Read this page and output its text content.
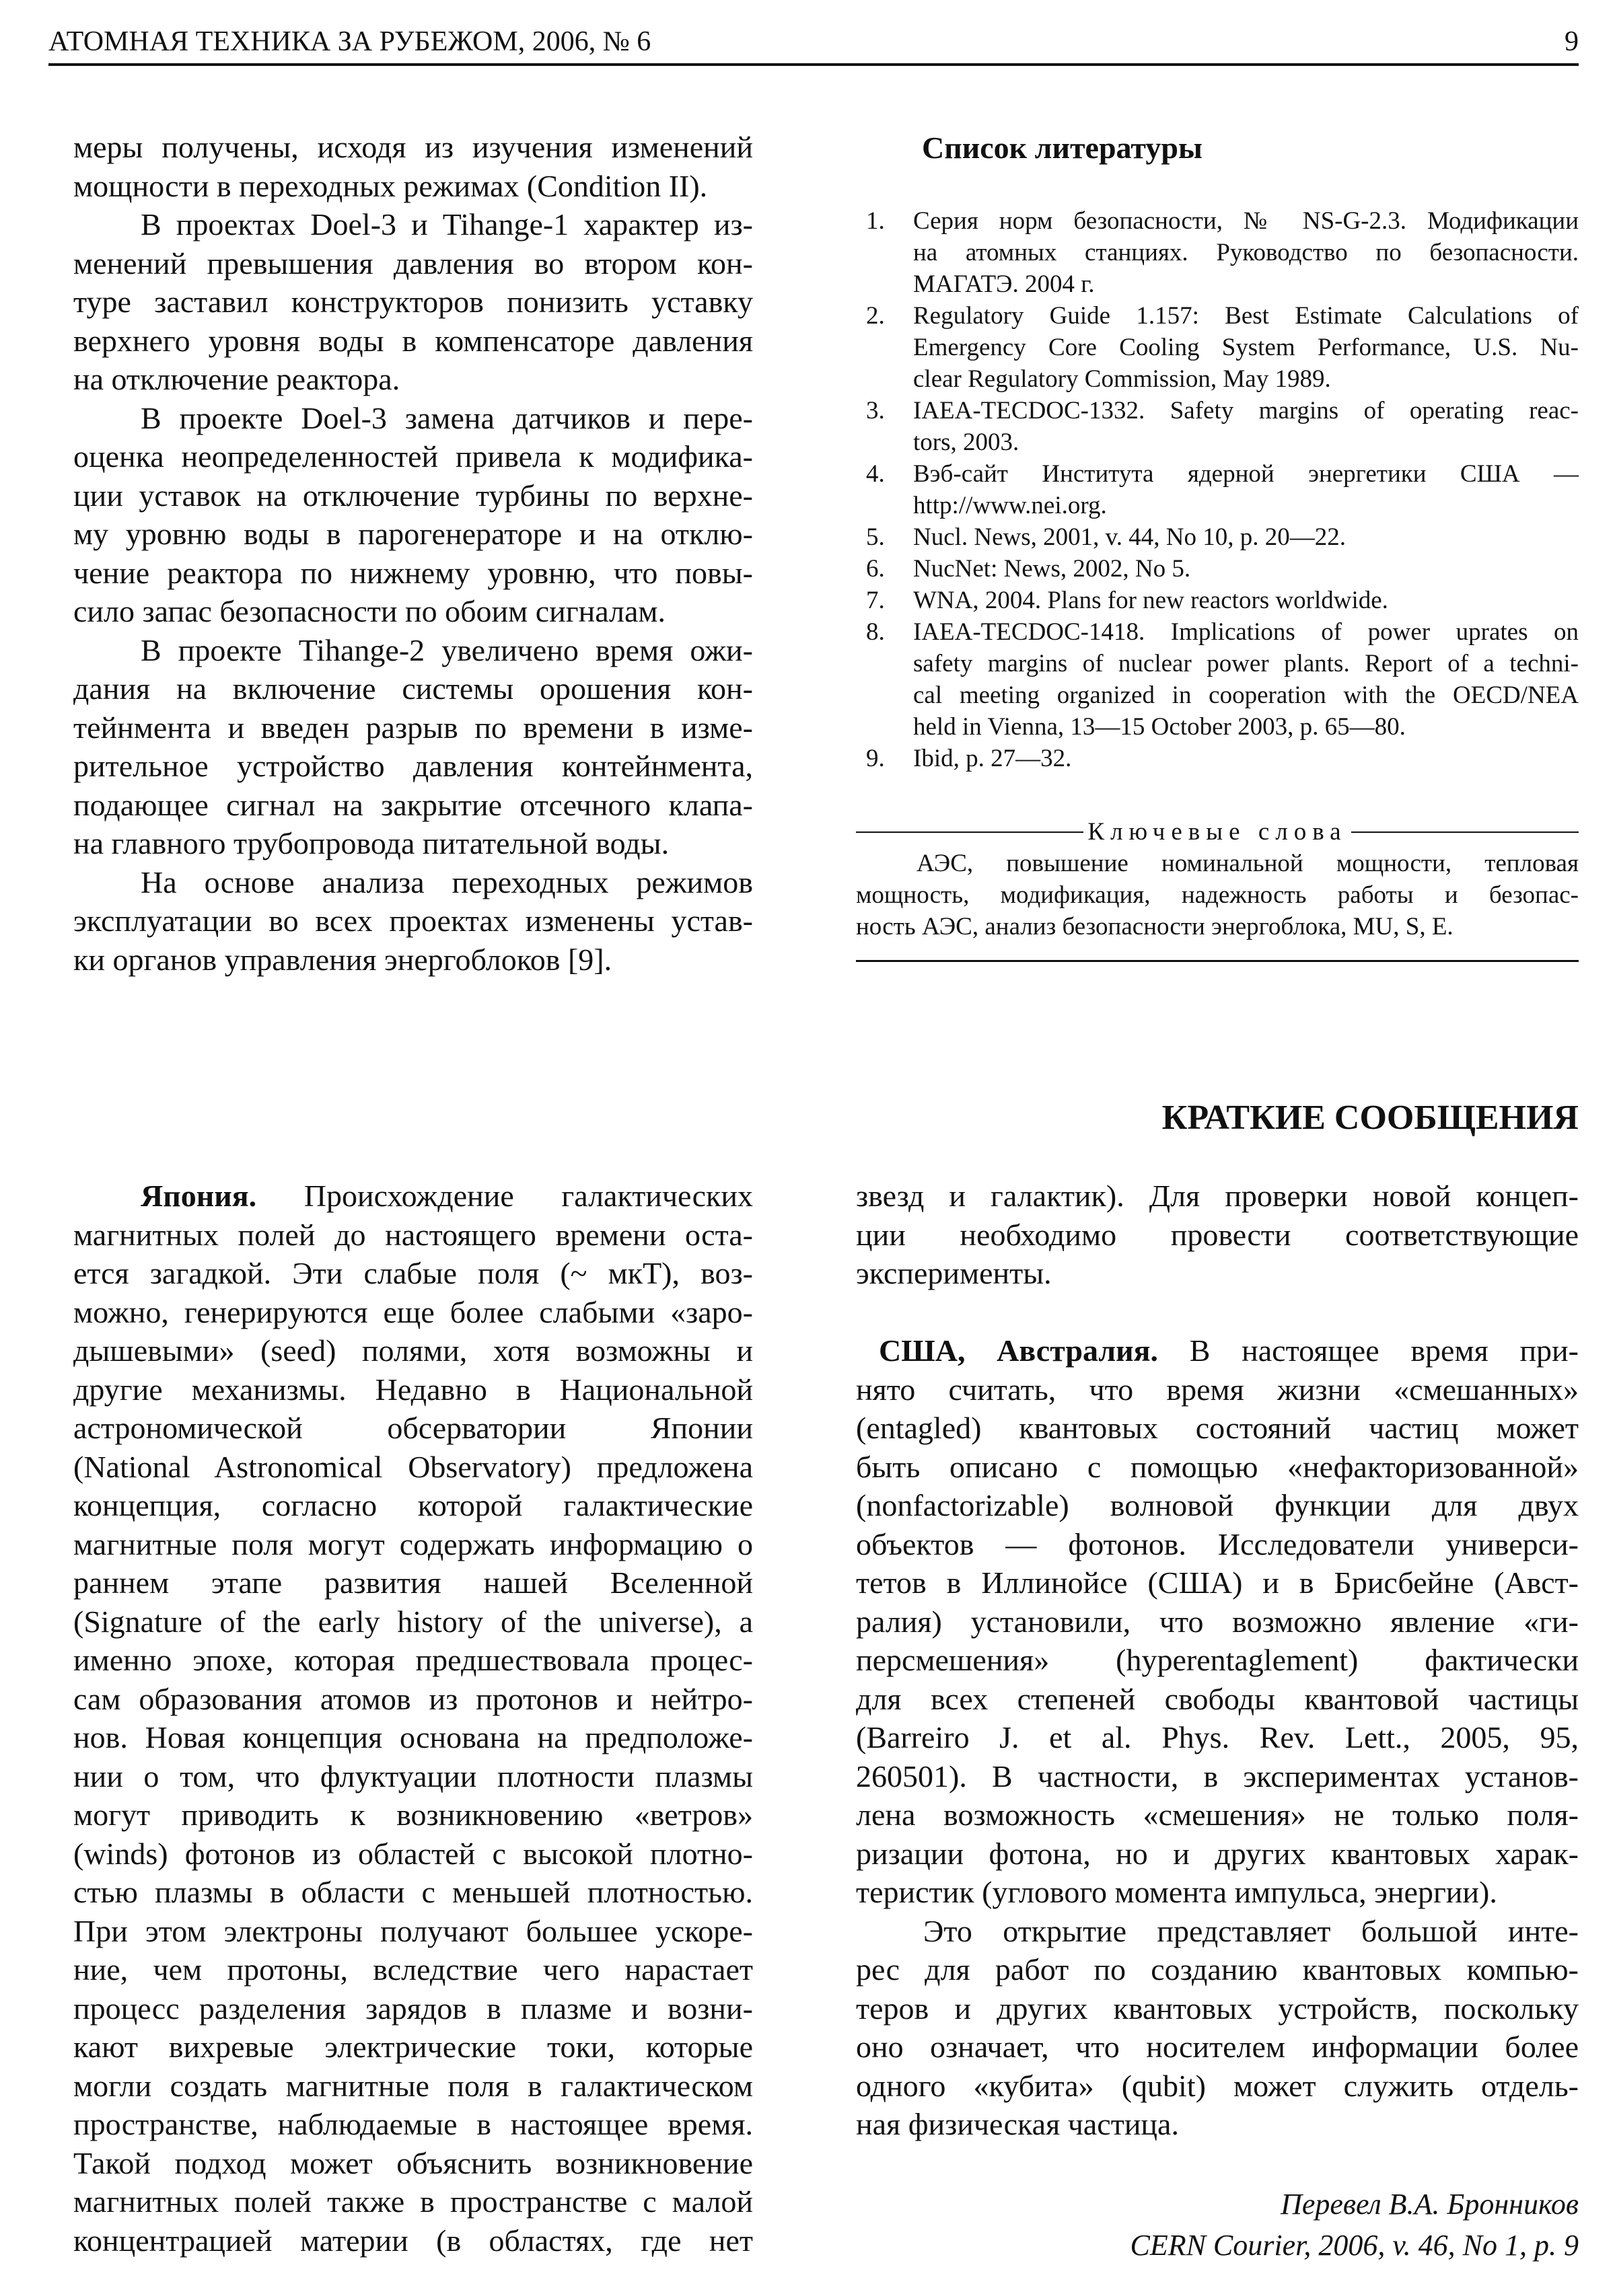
АТОМНАЯ ТЕХНИКА ЗА РУБЕЖОМ, 2006, № 6	9
меры получены, исходя из изучения изменений
мощности в переходных режимах (Condition II).
В проектах Doel-3 и Tihange-1 характер из-
менений превышения давления во втором кон-
туре заставил конструкторов понизить уставку
верхнего уровня воды в компенсаторе давления
на отключение реактора.
В проекте Doel-3 замена датчиков и пере-
оценка неопределенностей привела к модифика-
ции уставок на отключение турбины по верхне-
му уровню воды в парогенераторе и на отклю-
чение реактора по нижнему уровню, что повы-
сило запас безопасности по обоим сигналам.
В проекте Tihange-2 увеличено время ожи-
дания на включение системы орошения кон-
тейнмента и введен разрыв по времени в изме-
рительное устройство давления контейнмента,
подающее сигнал на закрытие отсечного клапа-
на главного трубопровода питательной воды.
На основе анализа переходных режимов
эксплуатации во всех проектах изменены устав-
ки органов управления энергоблоков [9].
Список литературы
1. Серия норм безопасности, № NS-G-2.3. Модификации
на атомных станциях. Руководство по безопасности.
МАГАТЭ. 2004 г.
2. Regulatory Guide 1.157: Best Estimate Calculations of
Emergency Core Cooling System Performance, U.S. Nu-
clear Regulatory Commission, May 1989.
3. IAEA-TECDOC-1332. Safety margins of operating reac-
tors, 2003.
4. Вэб-сайт Института ядерной энергетики США —
http://www.nei.org.
5. Nucl. News, 2001, v. 44, No 10, p. 20—22.
6. NucNet: News, 2002, No 5.
7. WNA, 2004. Plans for new reactors worldwide.
8. IAEA-TECDOC-1418. Implications of power uprates on
safety margins of nuclear power plants. Report of a techni-
cal meeting organized in cooperation with the OECD/NEA
held in Vienna, 13—15 October 2003, p. 65—80.
9. Ibid, p. 27—32.
Ключевые слова
АЭС, повышение номинальной мощности, тепловая
мощность, модификация, надежность работы и безопас-
ность АЭС, анализ безопасности энергоблока, MU, S, E.
КРАТКИЕ СООБЩЕНИЯ
Япония. Происхождение галактических
магнитных полей до настоящего времени оста-
ется загадкой. Эти слабые поля (~ мкТ), воз-
можно, генерируются еще более слабыми «заро-
дышевыми» (seed) полями, хотя возможны и
другие механизмы. Недавно в Национальной
астрономической обсерватории Японии
(National Astronomical Observatory) предложена
концепция, согласно которой галактические
магнитные поля могут содержать информацию о
раннем этапе развития нашей Вселенной
(Signature of the early history of the universe), а
именно эпохе, которая предшествовала процес-
сам образования атомов из протонов и нейтро-
нов. Новая концепция основана на предположе-
нии о том, что флуктуации плотности плазмы
могут приводить к возникновению «ветров»
(winds) фотонов из областей с высокой плотно-
стью плазмы в области с меньшей плотностью.
При этом электроны получают большее ускоре-
ние, чем протоны, вследствие чего нарастает
процесс разделения зарядов в плазме и возни-
кают вихревые электрические токи, которые
могли создать магнитные поля в галактическом
пространстве, наблюдаемые в настоящее время.
Такой подход может объяснить возникновение
магнитных полей также в пространстве с малой
концентрацией материи (в областях, где нет
звезд и галактик). Для проверки новой концеп-
ции необходимо провести соответствующие
эксперименты.
США, Австралия. В настоящее время при-
нято считать, что время жизни «смешанных»
(entagled) квантовых состояний частиц может
быть описано с помощью «нефакторизованной»
(nonfactorizable) волновой функции для двух
объектов — фотонов. Исследователи универси-
тетов в Иллинойсе (США) и в Брисбейне (Авст-
ралия) установили, что возможно явление «ги-
персмешения» (hyperentaglement) фактически
для всех степеней свободы квантовой частицы
(Barreiro J. et al. Phys. Rev. Lett., 2005, 95,
260501). В частности, в экспериментах установ-
лена возможность «смешения» не только поля-
ризации фотона, но и других квантовых харак-
теристик (углового момента импульса, энергии).
Это открытие представляет большой инте-
рес для работ по созданию квантовых компью-
теров и других квантовых устройств, поскольку
оно означает, что носителем информации более
одного «кубита» (qubit) может служить отдель-
ная физическая частица.
Перевел В.А. Бронников
CERN Courier, 2006, v. 46, No 1, p. 9
